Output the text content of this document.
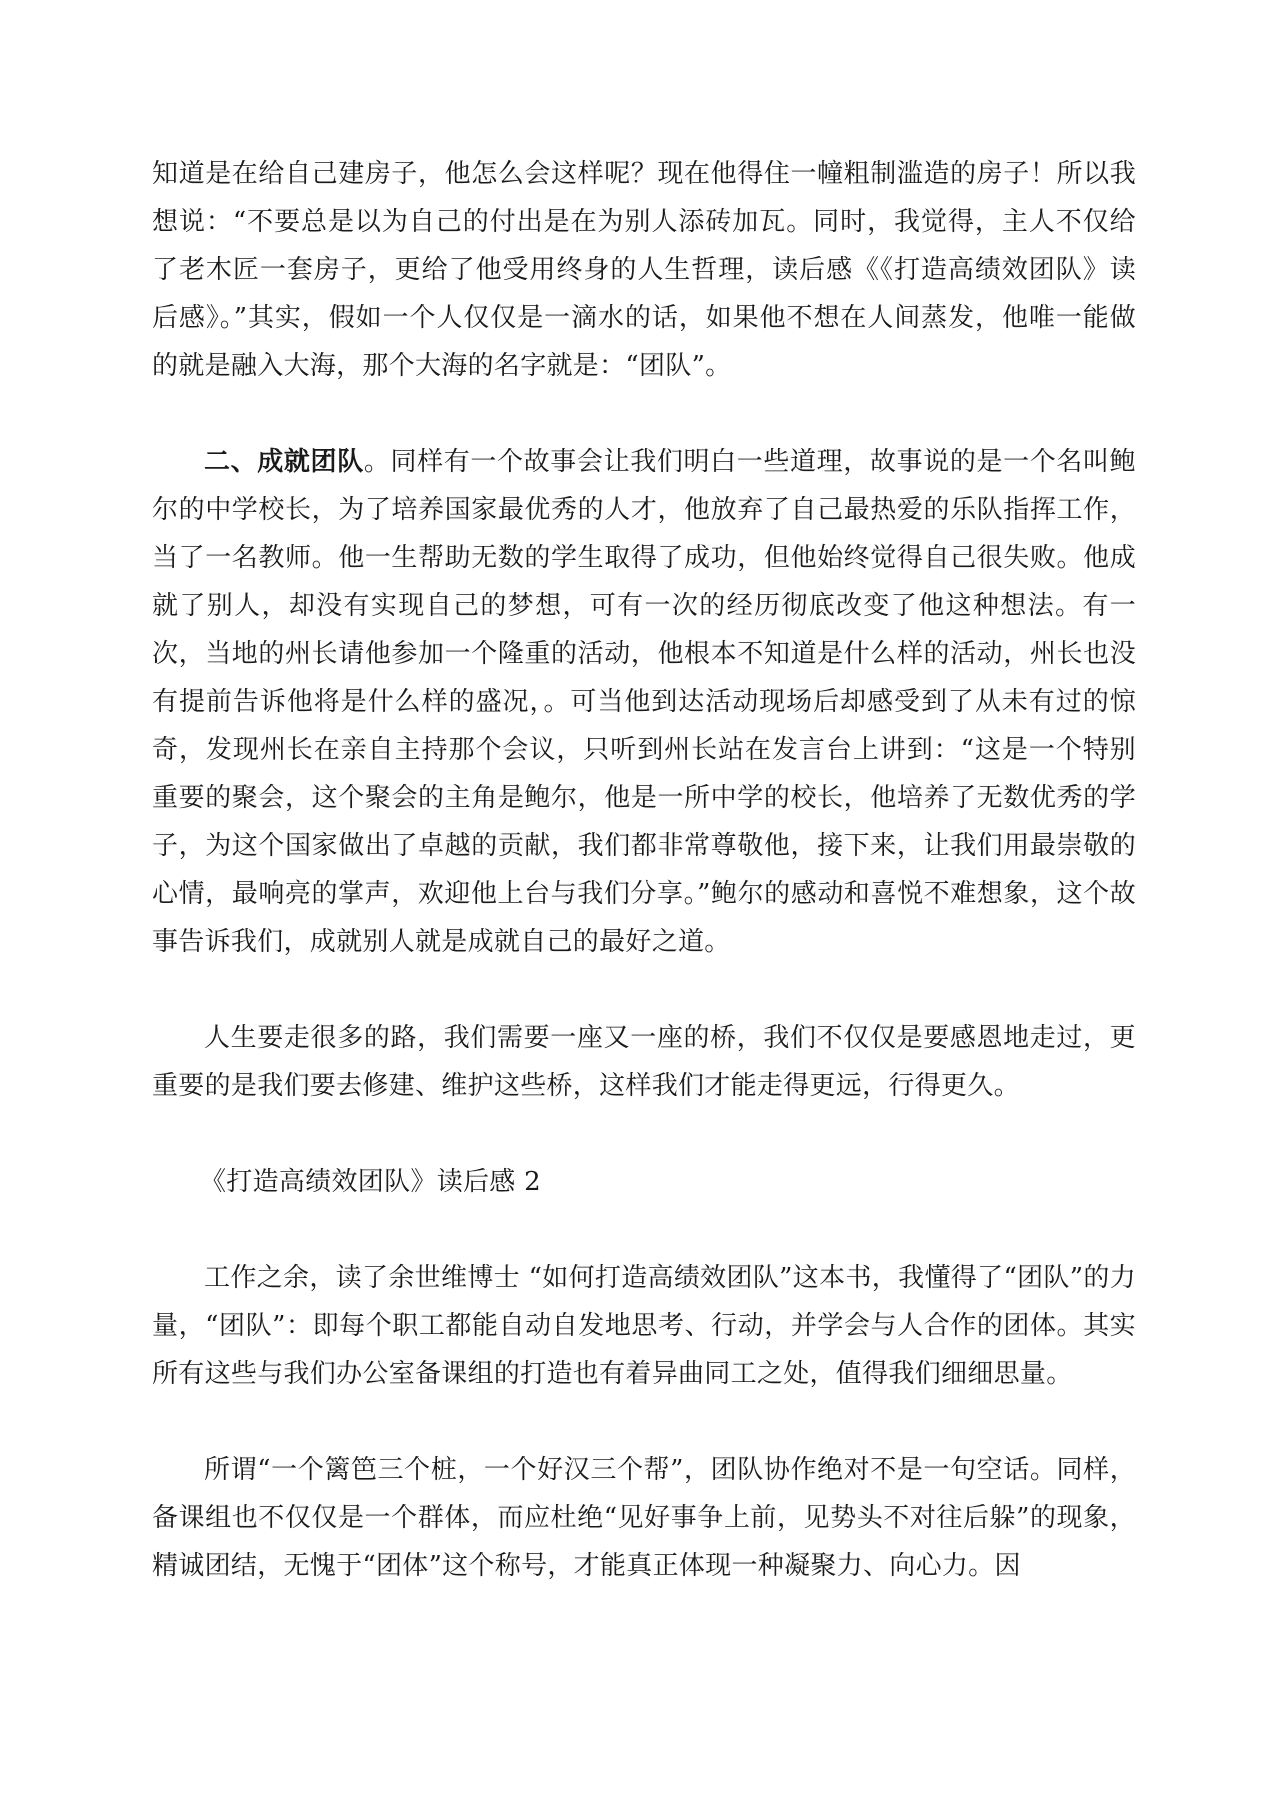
知道是在给自己建房子，他怎么会这样呢？现在他得住一幢粗制滥造的房子！所以我想说：“不要总是以为自己的付出是在为别人添砖加瓦。同时，我觉得，主人不仅给了老木匠一套房子，更给了他受用终身的人生哲理，读后感《《打造高绩效团队》读后感》。”其实，假如一个人仅仅是一滴水的话，如果他不想在人间蒸发，他唯一能做的就是融入大海，那个大海的名字就是：“团队”。

二、成就团队。同样有一个故事会让我们明白一些道理，故事说的是一个名叫鲍尔的中学校长，为了培养国家最优秀的人才，他放弃了自己最热爱的乐队指挥工作，当了一名教师。他一生帮助无数的学生取得了成功，但他始终觉得自己很失败。他成就了别人，却没有实现自己的梦想，可有一次的经历彻底改变了他这种想法。有一次，当地的州长请他参加一个隆重的活动，他根本不知道是什么样的活动，州长也没有提前告诉他将是什么样的盛况，。可当他到达活动现场后却感受到了从未有过的惊奇，发现州长在亲自主持那个会议，只听到州长站在发言台上讲到：“这是一个特别重要的聚会，这个聚会的主角是鲍尔，他是一所中学的校长，他培养了无数优秀的学子，为这个国家做出了卓越的贡献，我们都非常尊敬他，接下来，让我们用最崇敬的心情，最响亮的掌声，欢迎他上台与我们分享。”鲍尔的感动和喜悦不难想象，这个故事告诉我们，成就别人就是成就自己的最好之道。

人生要走很多的路，我们需要一座又一座的桥，我们不仅仅是要感恩地走过，更重要的是我们要去修建、维护这些桥，这样我们才能走得更远，行得更久。

《打造高绩效团队》读后感 2

工作之余，读了余世维博士 “如何打造高绩效团队”这本书，我懂得了“团队”的力量，“团队”：即每个职工都能自动自发地思考、行动，并学会与人合作的团体。其实所有这些与我们办公室备课组的打造也有着异曲同工之处，值得我们细细思量。

所谓“一个篱笆三个桩，一个好汉三个帮”，团队协作绝对不是一句空话。同样，备课组也不仅仅是一个群体，而应杜绝“见好事争上前，见势头不对往后躲”的现象，精诚团结，无愧于“团体”这个称号，才能真正体现一种凝聚力、向心力。因
